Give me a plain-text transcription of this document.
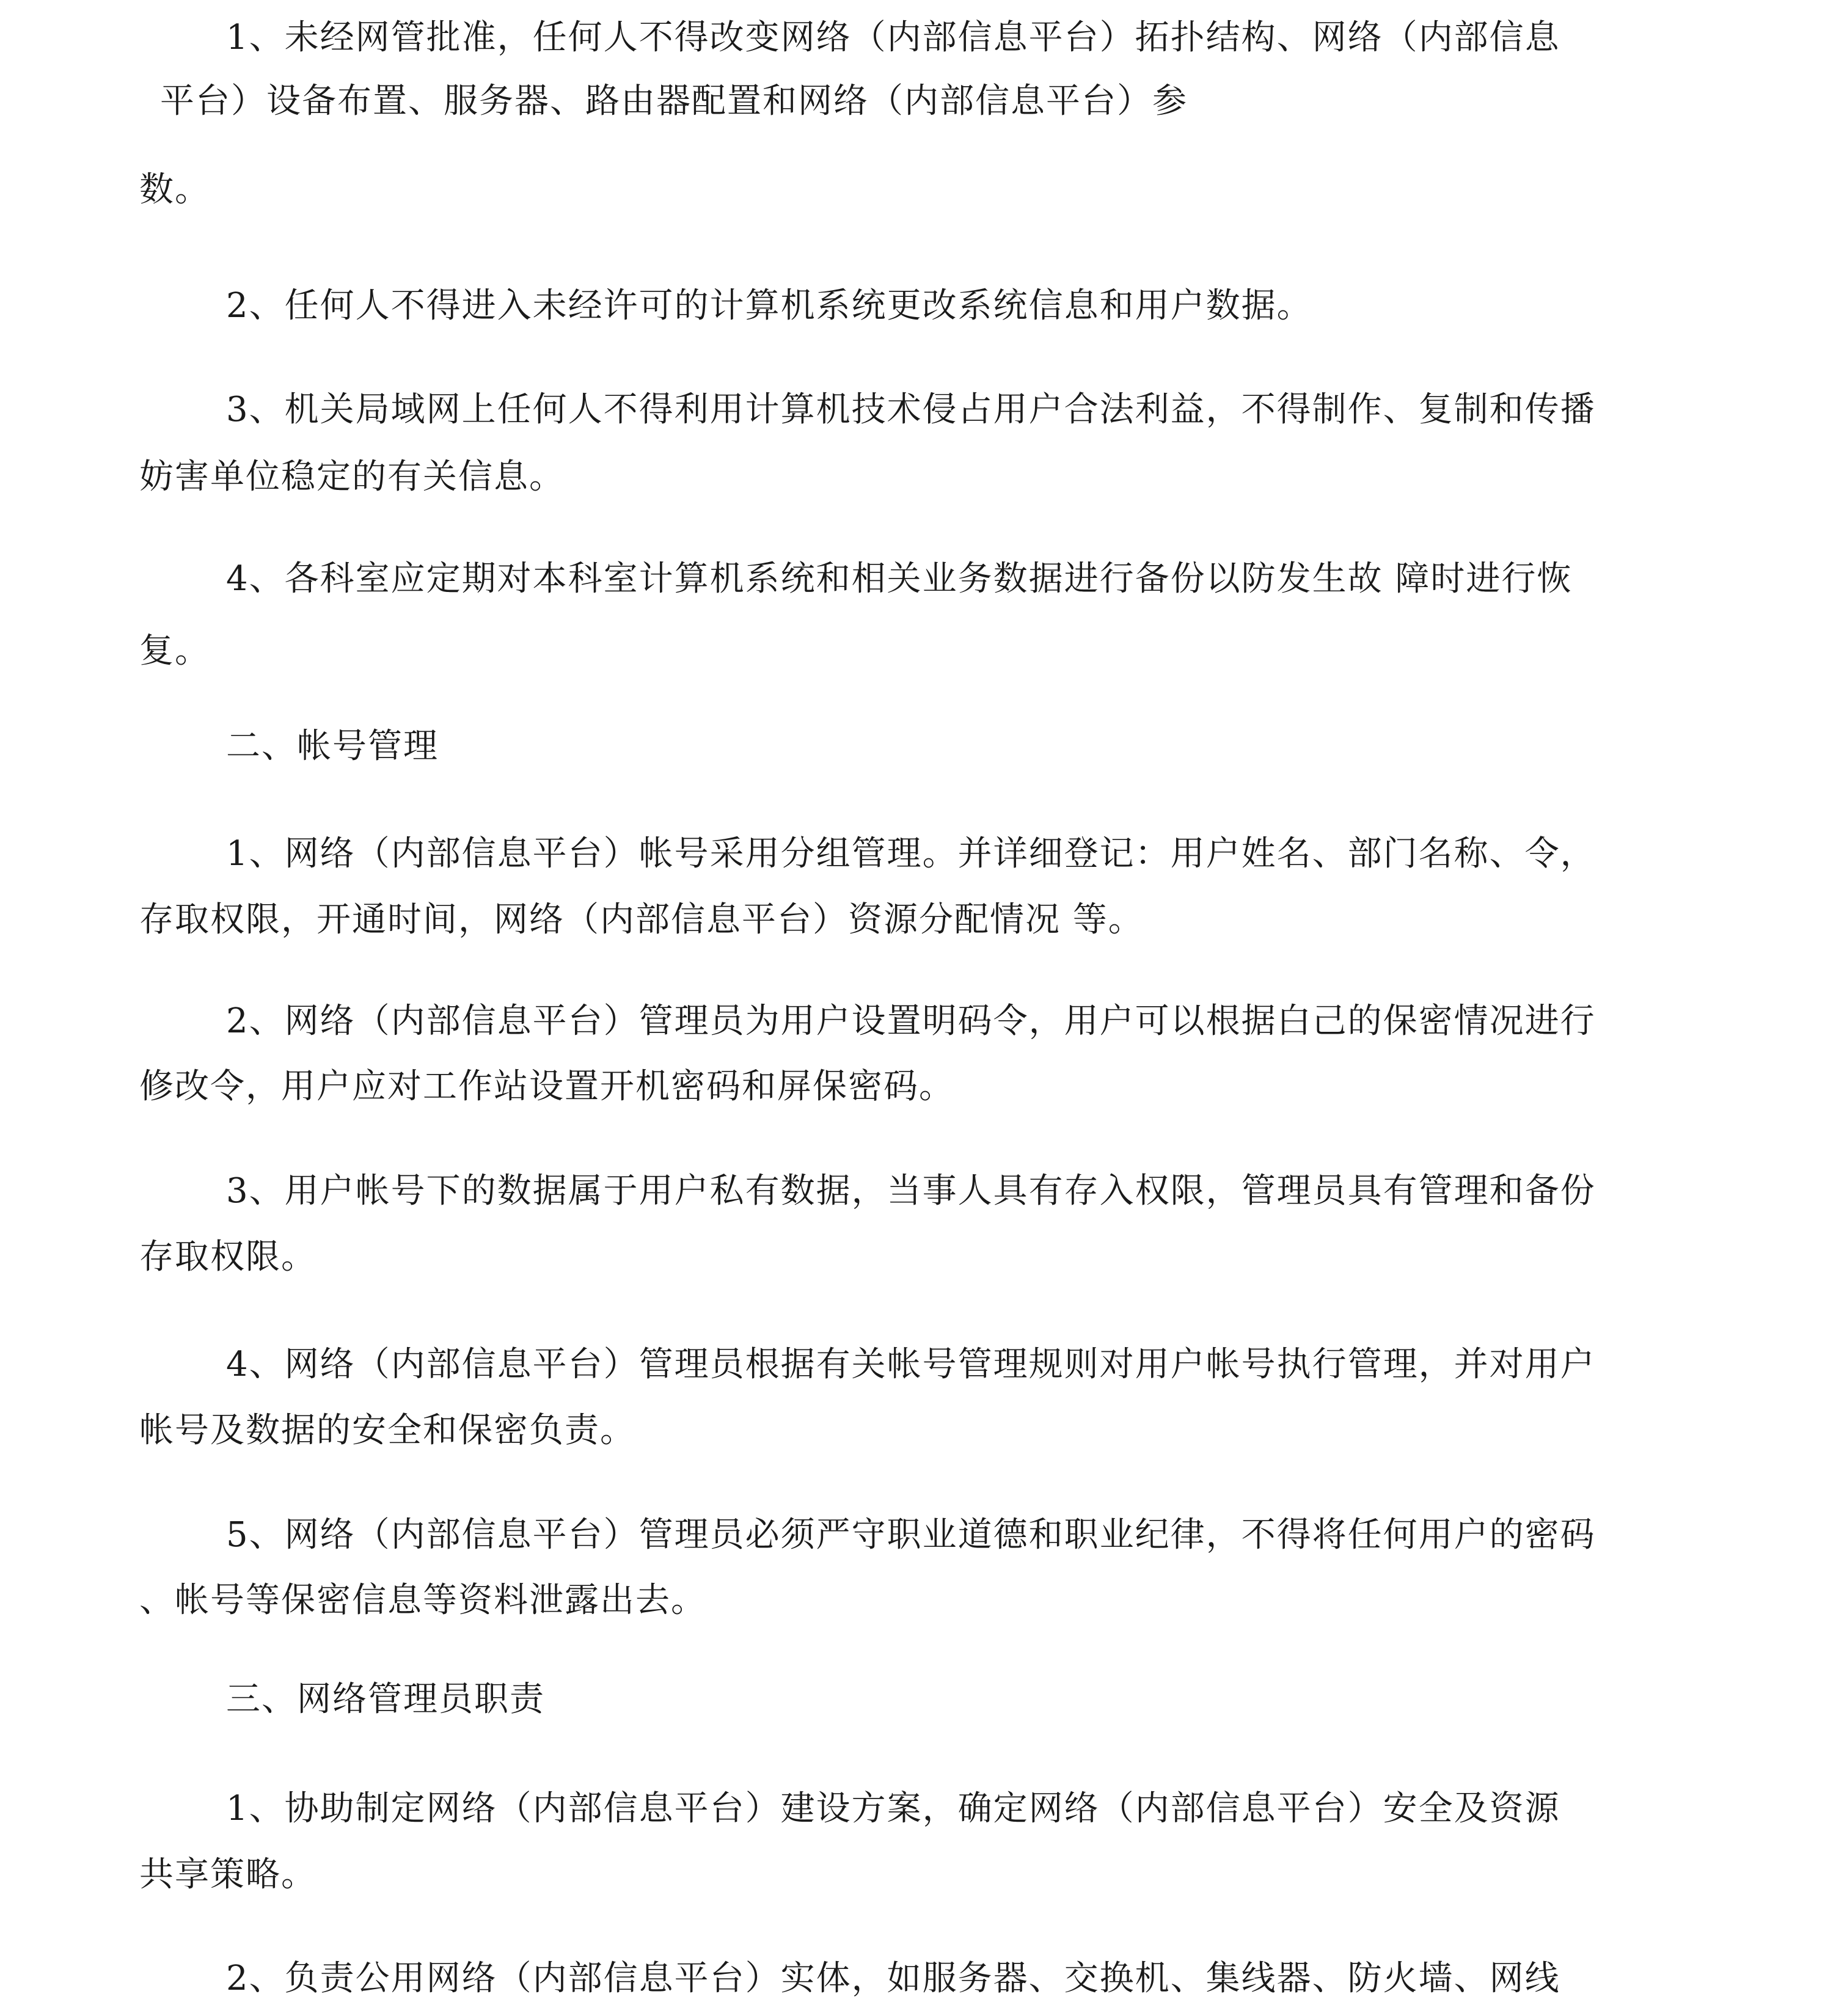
1、未经网管批准，任何人不得改变网络（内部信息平台）拓扑结构、网络（内部信息
平台）设备布置、服务器、路由器配置和网络（内部信息平台）参
数。
2、任何人不得进入未经许可的计算机系统更改系统信息和用户数据。
3、机关局域网上任何人不得利用计算机技术侵占用户合法利益，不得制作、复制和传播
妨害单位稳定的有关信息。
4、各科室应定期对本科室计算机系统和相关业务数据进行备份以防发生故 障时进行恢
复。
二、帐号管理
1、网络（内部信息平台）帐号采用分组管理。并详细登记：用户姓名、部门名称、令，
存取权限，开通时间，网络（内部信息平台）资源分配情况 等。
2、网络（内部信息平台）管理员为用户设置明码令，用户可以根据白己的保密情况进行
修改令，用户应对工作站设置开机密码和屏保密码。
3、用户帐号下的数据属于用户私有数据，当事人具有存入权限，管理员具有管理和备份
存取权限。
4、网络（内部信息平台）管理员根据有关帐号管理规则对用户帐号执行管理，并对用户
帐号及数据的安全和保密负责。
5、网络（内部信息平台）管理员必须严守职业道德和职业纪律，不得将任何用户的密码
、帐号等保密信息等资料泄露出去。
三、网络管理员职责
1、协助制定网络（内部信息平台）建设方案，确定网络（内部信息平台）安全及资源
共享策略。
2、负责公用网络（内部信息平台）实体，如服务器、交换机、集线器、防火墙、网线
